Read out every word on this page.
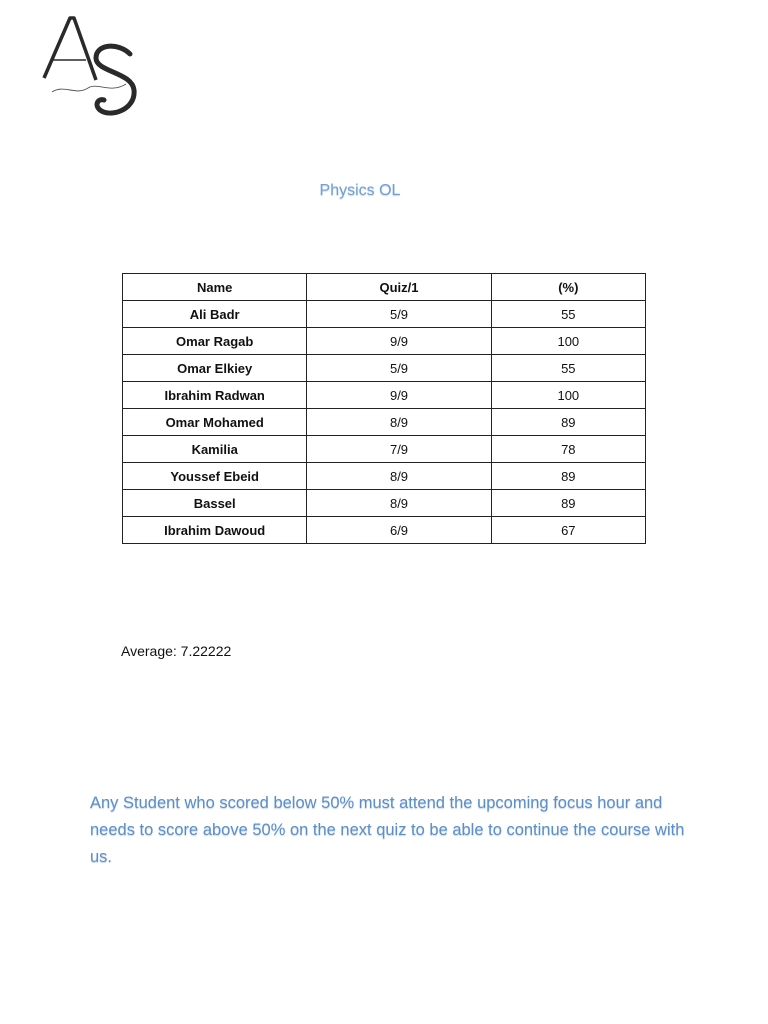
Physics OL
Name	Quiz/1	(%)
Ali Badr	5/9	55
Omar Ragab	9/9	100
Omar Elkiey	5/9	55
Ibrahim Radwan	9/9	100
Omar Mohamed	8/9	89
Kamilia	7/9	78
Youssef Ebeid	8/9	89
Bassel	8/9	89
Ibrahim Dawoud	6/9	67
Average: 7.22222
Any Student who scored below 50% must attend the upcoming focus hour and needs to score above 50% on the next quiz to be able to continue the course with us.
